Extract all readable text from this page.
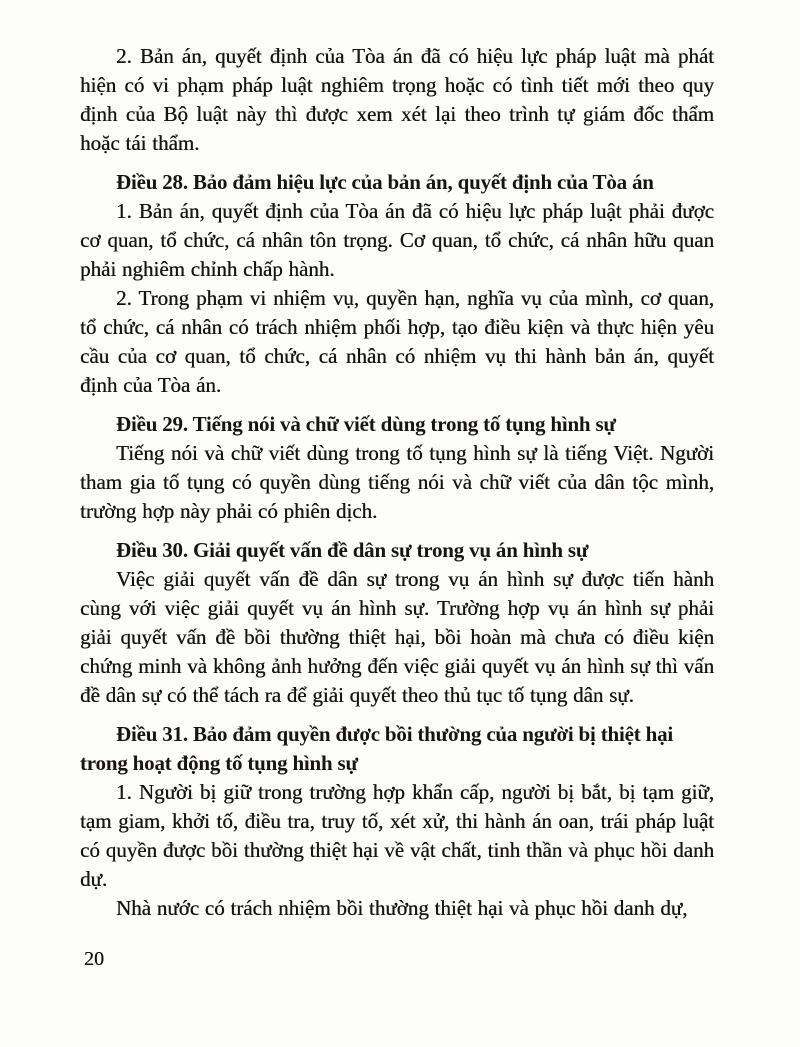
2. Bản án, quyết định của Tòa án đã có hiệu lực pháp luật mà phát hiện có vi phạm pháp luật nghiêm trọng hoặc có tình tiết mới theo quy định của Bộ luật này thì được xem xét lại theo trình tự giám đốc thẩm hoặc tái thẩm.

Điều 28. Bảo đảm hiệu lực của bản án, quyết định của Tòa án

1. Bản án, quyết định của Tòa án đã có hiệu lực pháp luật phải được cơ quan, tổ chức, cá nhân tôn trọng. Cơ quan, tổ chức, cá nhân hữu quan phải nghiêm chỉnh chấp hành.

2. Trong phạm vi nhiệm vụ, quyền hạn, nghĩa vụ của mình, cơ quan, tổ chức, cá nhân có trách nhiệm phối hợp, tạo điều kiện và thực hiện yêu cầu của cơ quan, tổ chức, cá nhân có nhiệm vụ thi hành bản án, quyết định của Tòa án.

Điều 29. Tiếng nói và chữ viết dùng trong tố tụng hình sự

Tiếng nói và chữ viết dùng trong tố tụng hình sự là tiếng Việt. Người tham gia tố tụng có quyền dùng tiếng nói và chữ viết của dân tộc mình, trường hợp này phải có phiên dịch.

Điều 30. Giải quyết vấn đề dân sự trong vụ án hình sự

Việc giải quyết vấn đề dân sự trong vụ án hình sự được tiến hành cùng với việc giải quyết vụ án hình sự. Trường hợp vụ án hình sự phải giải quyết vấn đề bồi thường thiệt hại, bồi hoàn mà chưa có điều kiện chứng minh và không ảnh hưởng đến việc giải quyết vụ án hình sự thì vấn đề dân sự có thể tách ra để giải quyết theo thủ tục tố tụng dân sự.

Điều 31. Bảo đảm quyền được bồi thường của người bị thiệt hại trong hoạt động tố tụng hình sự

1. Người bị giữ trong trường hợp khẩn cấp, người bị bắt, bị tạm giữ, tạm giam, khởi tố, điều tra, truy tố, xét xử, thi hành án oan, trái pháp luật có quyền được bồi thường thiệt hại về vật chất, tinh thần và phục hồi danh dự.

Nhà nước có trách nhiệm bồi thường thiệt hại và phục hồi danh dự,

20
